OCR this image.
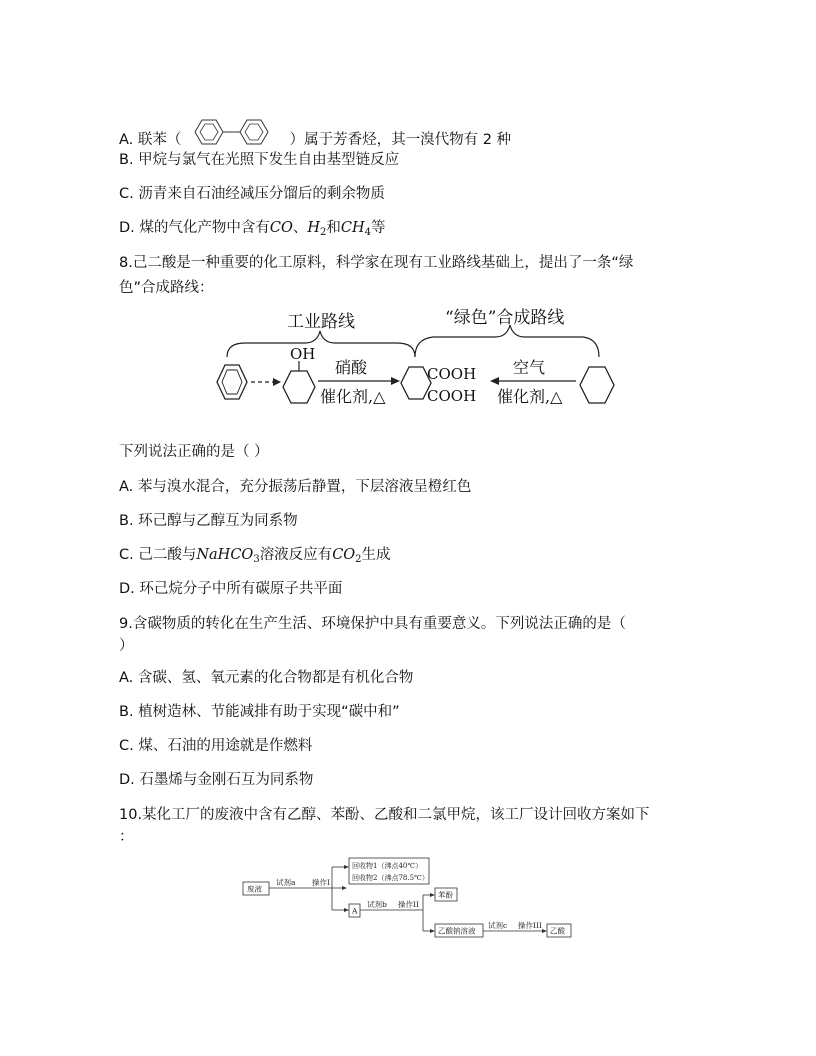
A. 联苯（	）属于芳香烃，其一溴代物有 2 种
B. 甲烷与氯气在光照下发生自由基型链反应
C. 沥青来自石油经减压分馏后的剩余物质
D. 煤的气化产物中含有CO、$H_2$和$CH_4$等
8.己二酸是一种重要的化工原料，科学家在现有工业路线基础上，提出了一条“绿
色”合成路线：
工业路线	“绿色”合成路线
OH
硝酸
催化剂,△
COOH
COOH
空气
催化剂,△
下列说法正确的是（ ）
A. 苯与溴水混合，充分振荡后静置，下层溶液呈橙红色
B. 环己醇与乙醇互为同系物
C. 己二酸与NaHCO$_3$溶液反应有$CO_2$生成
D. 环己烷分子中所有碳原子共平面
9.含碳物质的转化在生产生活、环境保护中具有重要意义。下列说法正确的是（
）
A. 含碳、氢、氧元素的化合物都是有机化合物
B. 植树造林、节能减排有助于实现“碳中和”
C. 煤、石油的用途就是作燃料
D. 石墨烯与金刚石互为同系物
10.某化工厂的废液中含有乙醇、苯酚、乙酸和二氯甲烷，该工厂设计回收方案如下
：
废液
试剂a 操作I
回收物1（沸点40℃）
回收物2（沸点78.5℃）
A
试剂b 操作II
苯酚
乙酸钠溶液
试剂c 操作III
乙酸
